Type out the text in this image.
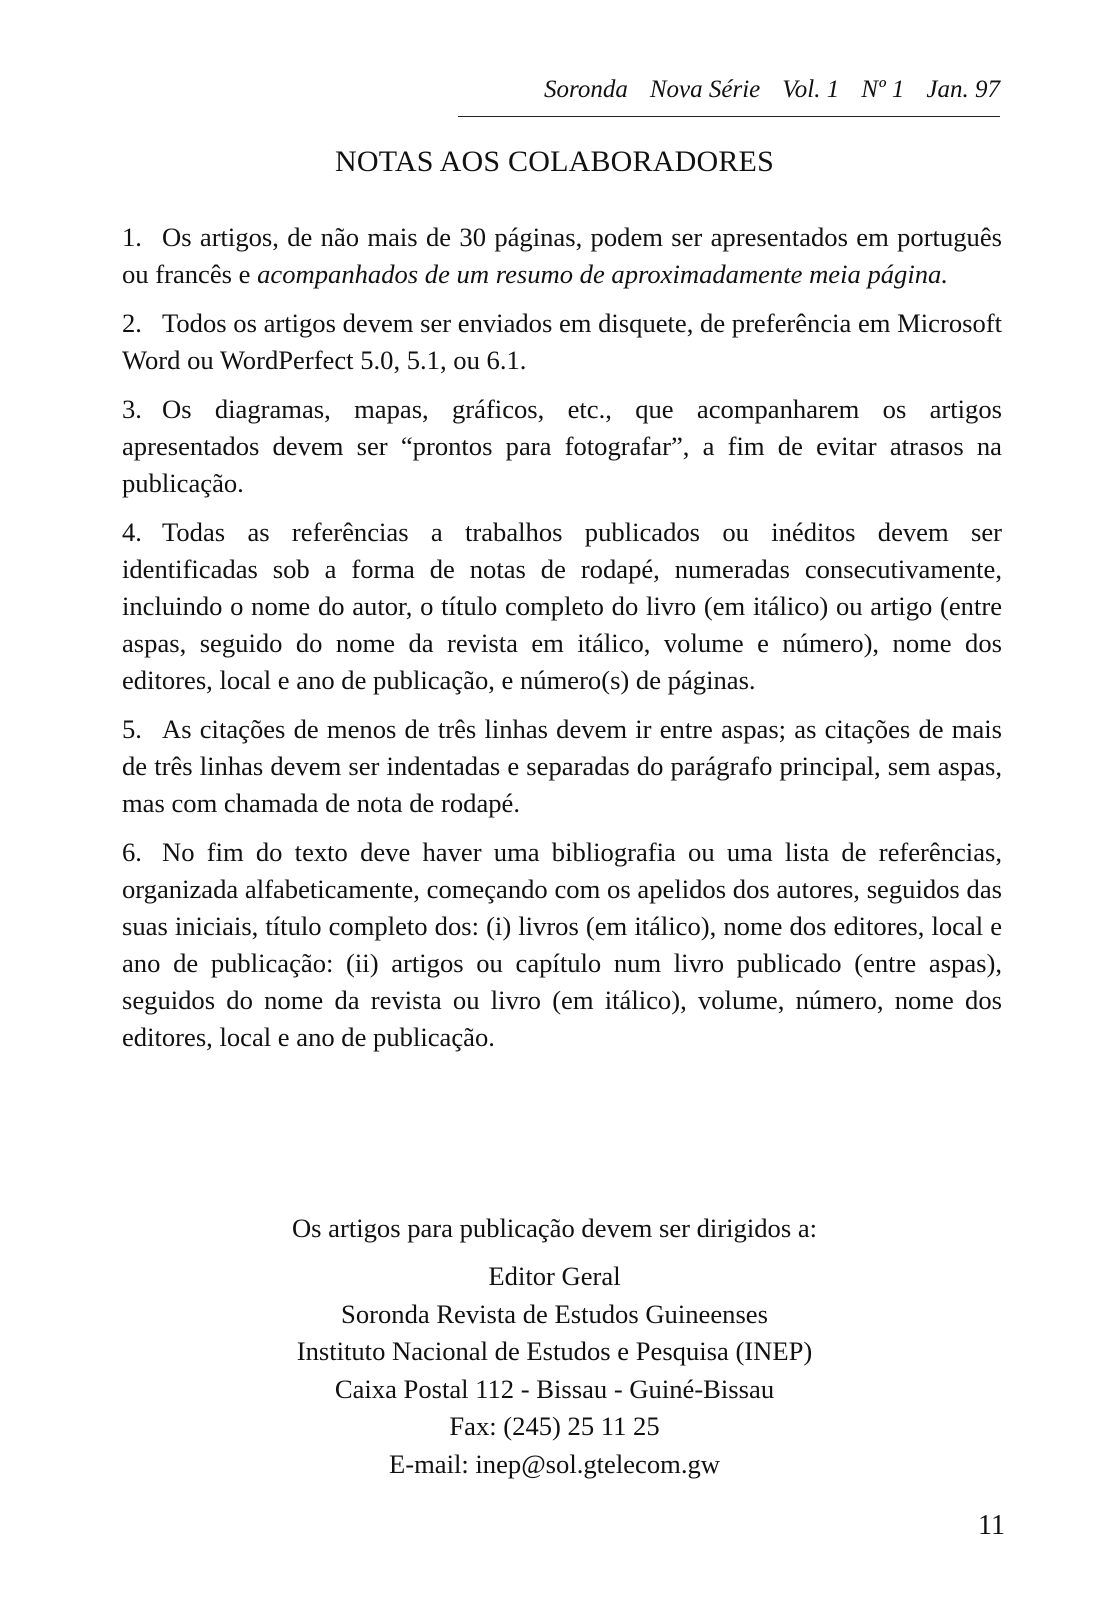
Soronda Nova Série Vol. 1 Nº 1 Jan. 97
NOTAS AOS COLABORADORES

1. Os artigos, de não mais de 30 páginas, podem ser apresentados em português ou francês e acompanhados de um resumo de aproximadamente meia página.

2. Todos os artigos devem ser enviados em disquete, de preferência em Microsoft Word ou WordPerfect 5.0, 5.1, ou 6.1.

3. Os diagramas, mapas, gráficos, etc., que acompanharem os artigos apresentados devem ser “prontos para fotografar”, a fim de evitar atrasos na publicação.

4. Todas as referências a trabalhos publicados ou inéditos devem ser identificadas sob a forma de notas de rodapé, numeradas consecutivamente, incluindo o nome do autor, o título completo do livro (em itálico) ou artigo (entre aspas, seguido do nome da revista em itálico, volume e número), nome dos editores, local e ano de publicação, e número(s) de páginas.

5. As citações de menos de três linhas devem ir entre aspas; as citações de mais de três linhas devem ser indentadas e separadas do parágrafo principal, sem aspas, mas com chamada de nota de rodapé.

6. No fim do texto deve haver uma bibliografia ou uma lista de referências, organizada alfabeticamente, começando com os apelidos dos autores, seguidos das suas iniciais, título completo dos: (i) livros (em itálico), nome dos editores, local e ano de publicação: (ii) artigos ou capítulo num livro publicado (entre aspas), seguidos do nome da revista ou livro (em itálico), volume, número, nome dos editores, local e ano de publicação.

Os artigos para publicação devem ser dirigidos a:
Editor Geral
Soronda Revista de Estudos Guineenses
Instituto Nacional de Estudos e Pesquisa (INEP)
Caixa Postal 112 - Bissau - Guiné-Bissau
Fax: (245) 25 11 25
E-mail: inep@sol.gtelecom.gw
11
